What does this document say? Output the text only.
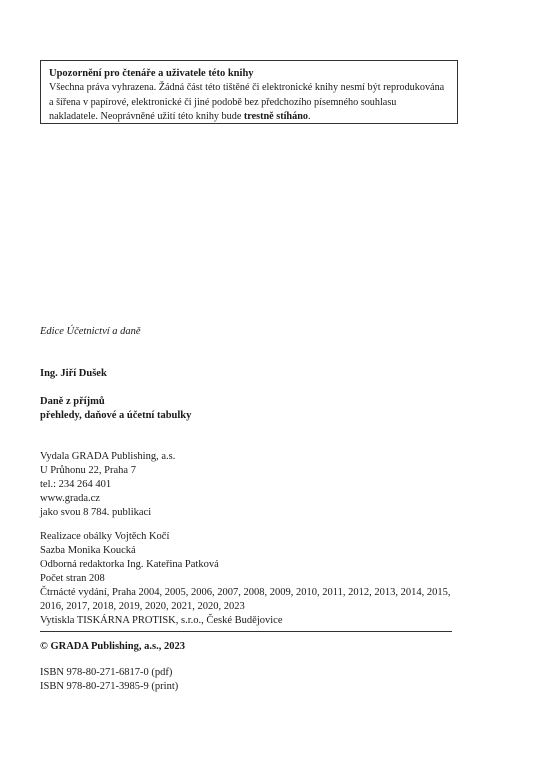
Upozornění pro čtenáře a uživatele této knihy
Všechna práva vyhrazena. Žádná část této tištěné či elektronické knihy nesmí být reprodukována
a šířena v papírové, elektronické či jiné podobě bez předchozího písemného souhlasu
nakladatele. Neoprávněné užití této knihy bude trestně stíháno.
Edice Účetnictví a daně
Ing. Jiří Dušek
Daně z příjmů
přehledy, daňové a účetní tabulky
Vydala GRADA Publishing, a.s.
U Průhonu 22, Praha 7
tel.: 234 264 401
www.grada.cz
jako svou 8 784. publikaci
Realizace obálky Vojtěch Kočí
Sazba Monika Koucká
Odborná redaktorka Ing. Kateřina Patková
Počet stran 208
Čtrnácté vydání, Praha 2004, 2005, 2006, 2007, 2008, 2009, 2010, 2011, 2012, 2013, 2014, 2015,
2016, 2017, 2018, 2019, 2020, 2021, 2020, 2023
Vytiskla TISKÁRNA PROTISK, s.r.o., České Budějovice
© GRADA Publishing, a.s., 2023
ISBN 978-80-271-6817-0 (pdf)
ISBN 978-80-271-3985-9 (print)
